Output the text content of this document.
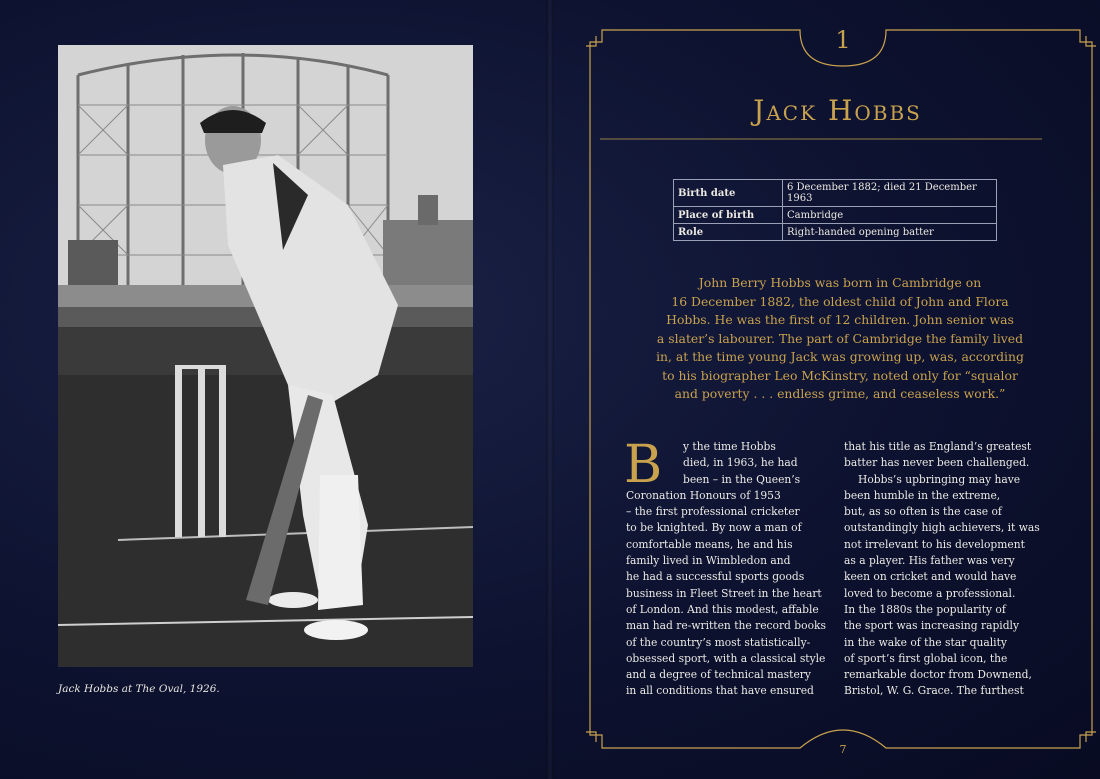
Jack Hobbs at The Oval, 1926.
1
Jack Hobbs
Birth date	6 December 1882; died 21 December 1963
Place of birth	Cambridge
Role	Right-handed opening batter

John Berry Hobbs was born in Cambridge on

16 December 1882, the oldest child of John and Flora

Hobbs. He was the first of 12 children. John senior was

a slater’s labourer. The part of Cambridge the family lived

in, at the time young Jack was growing up, was, according

to his biographer Leo McKinstry, noted only for “squalor

and poverty . . . endless grime, and ceaseless work.”

B	y the time Hobbs
died, in 1963, he had
been – in the Queen’s
Coronation Honours of 1953
– the first professional cricketer
to be knighted. By now a man of
comfortable means, he and his
family lived in Wimbledon and
he had a successful sports goods
business in Fleet Street in the heart
of London. And this modest, affable
man had re-written the record books
of the country’s most statistically-
obsessed sport, with a classical style
and a degree of technical mastery
in all conditions that have ensured
that his title as England’s greatest
batter has never been challenged.
Hobbs’s upbringing may have
been humble in the extreme,
but, as so often is the case of
outstandingly high achievers, it was
not irrelevant to his development
as a player. His father was very
keen on cricket and would have
loved to become a professional.
In the 1880s the popularity of
the sport was increasing rapidly
in the wake of the star quality
of sport’s first global icon, the
remarkable doctor from Downend,
Bristol, W. G. Grace. The furthest
7
